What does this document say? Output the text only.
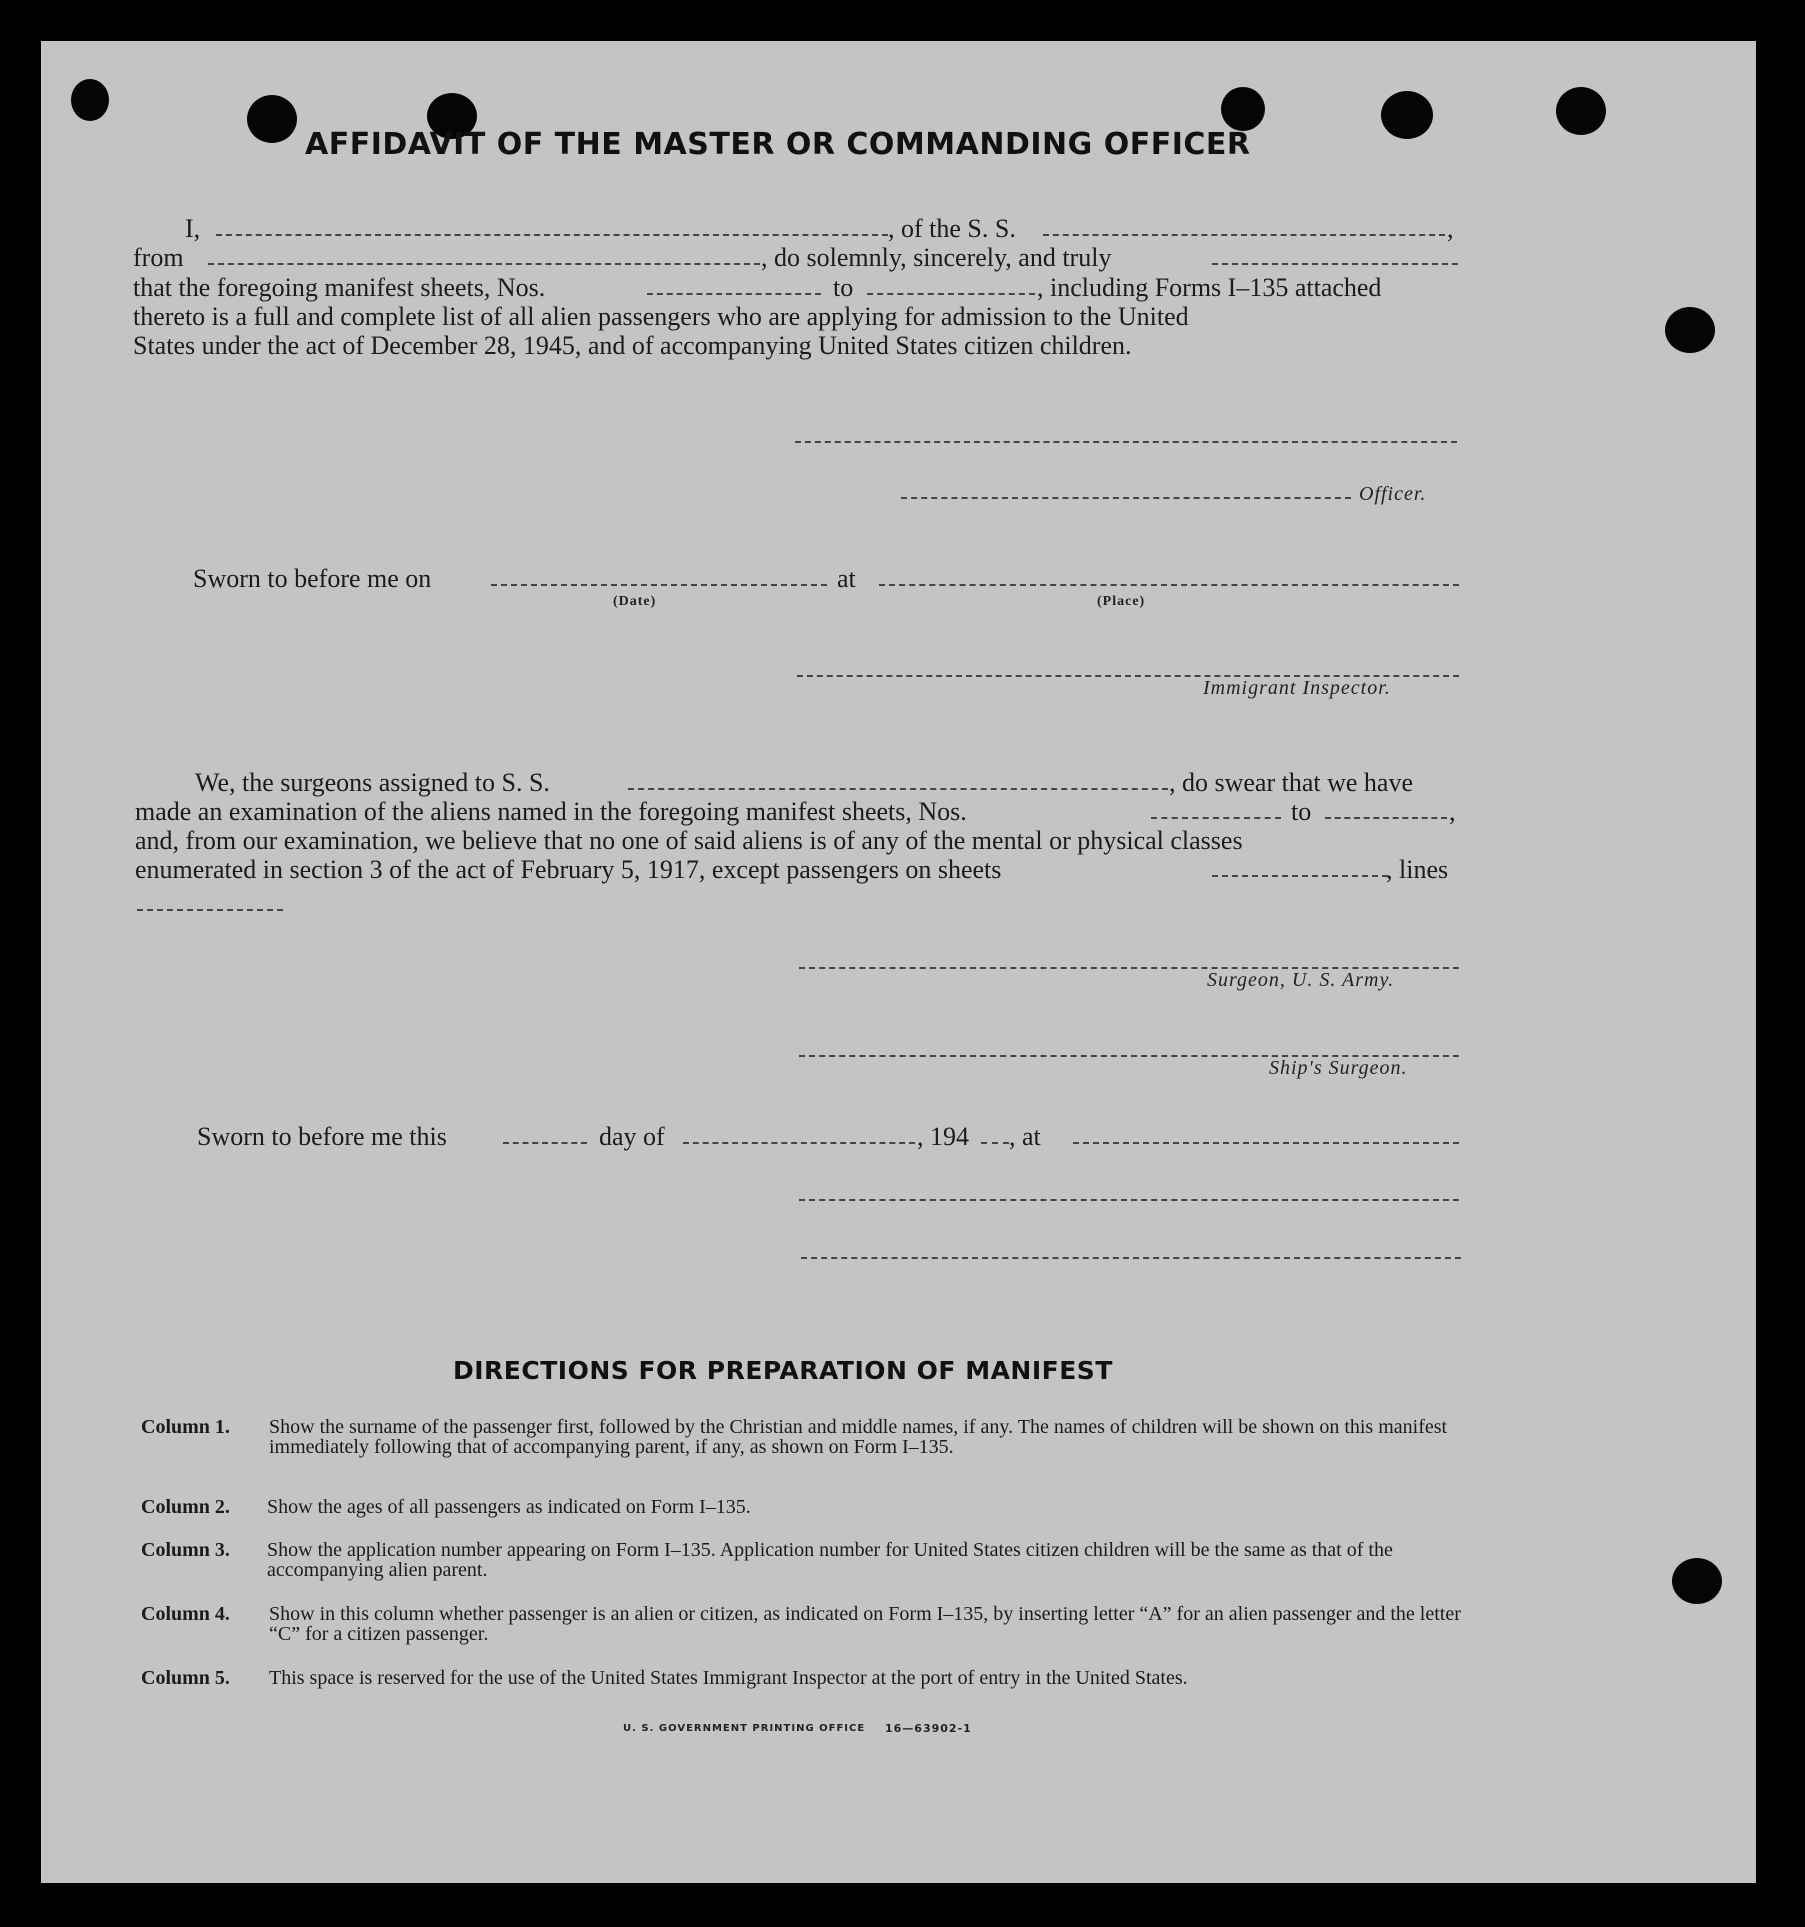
AFFIDAVIT OF THE MASTER OR COMMANDING OFFICER
I,	, of the S. S.	,
from	, do solemnly, sincerely, and truly
that the foregoing manifest sheets, Nos.	to	, including Forms I–135 attached
thereto is a full and complete list of all alien passengers who are applying for admission to the United
States under the act of December 28, 1945, and of accompanying United States citizen children.
Officer.
Sworn to before me on	at
(Date)	(Place)
Immigrant Inspector.
We, the surgeons assigned to S. S.	, do swear that we have
made an examination of the aliens named in the foregoing manifest sheets, Nos.	to	,
and, from our examination, we believe that no one of said aliens is of any of the mental or physical classes
enumerated in section 3 of the act of February 5, 1917, except passengers on sheets	, lines
Surgeon, U. S. Army.
Ship's Surgeon.
Sworn to before me this	day of	, 194 , at
DIRECTIONS FOR PREPARATION OF MANIFEST
Column 1.	Show the surname of the passenger first, followed by the Christian and middle names, if any. The names of children will be shown on this manifest immediately following that of accompanying parent, if any, as shown on Form I–135.
Column 2. Show the ages of all passengers as indicated on Form I–135.
Column 3. Show the application number appearing on Form I–135. Application number for United States citizen children will be the same as that of the accompanying alien parent.
Column 4. Show in this column whether passenger is an alien or citizen, as indicated on Form I–135, by inserting letter “A” for an alien passenger and the letter “C” for a citizen passenger.
Column 5. This space is reserved for the use of the United States Immigrant Inspector at the port of entry in the United States.
U. S. GOVERNMENT PRINTING OFFICE 16—63902-1
